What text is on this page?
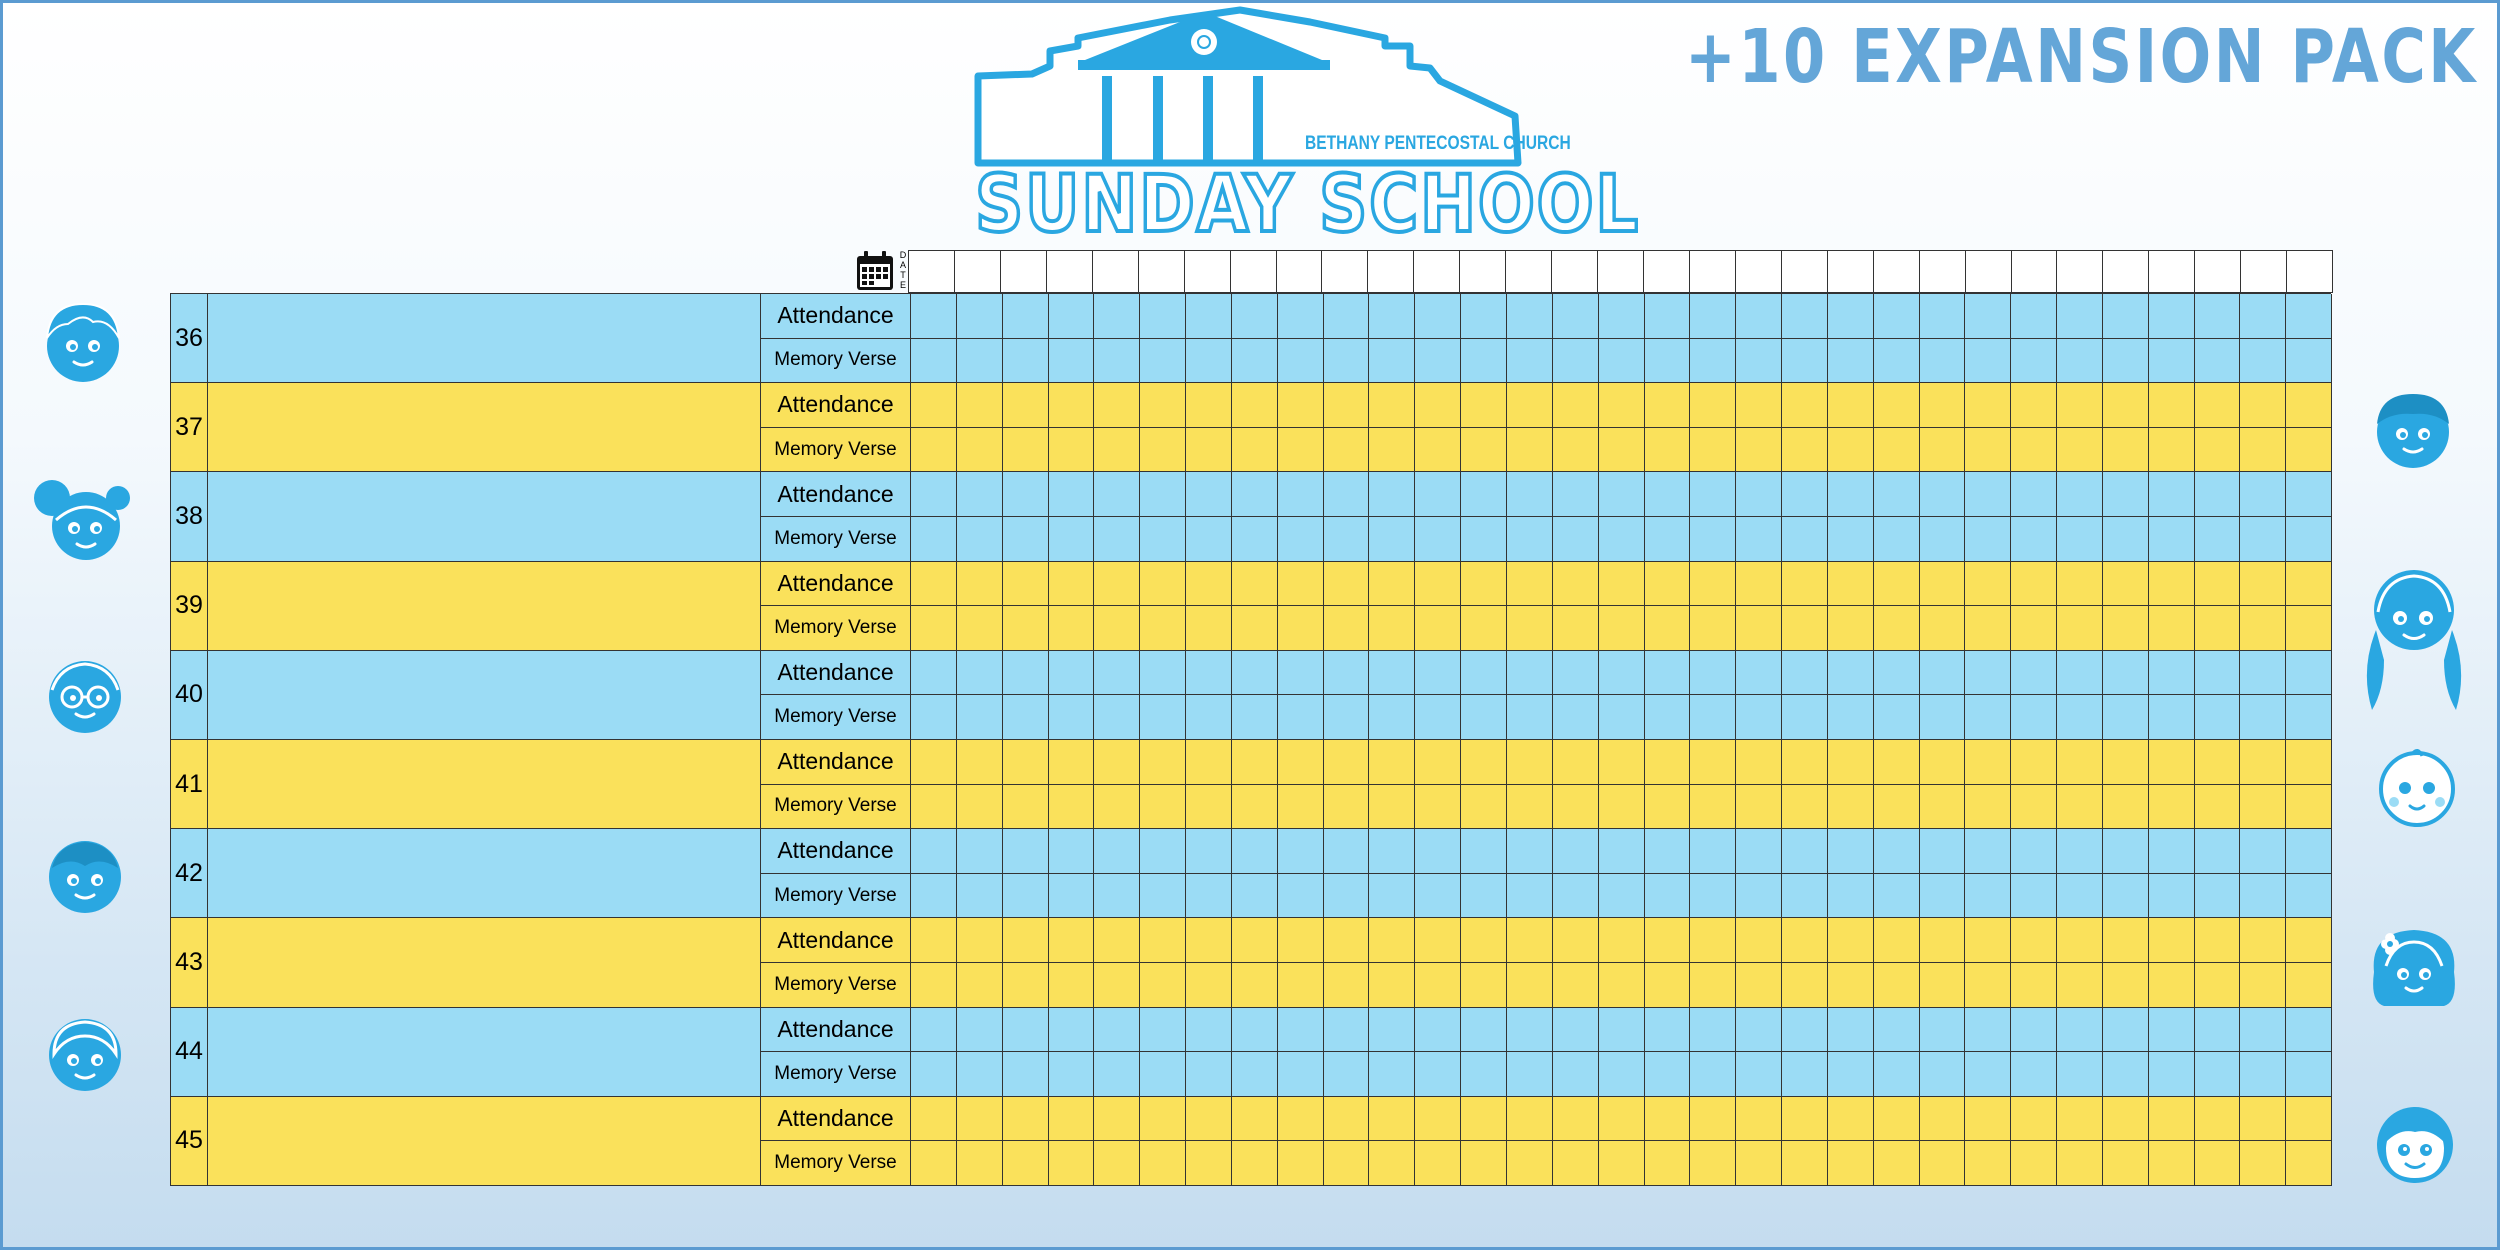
+10 EXPANSION PACK
BETHANY PENTECOSTAL CHURCH
SUNDAY SCHOOL
D
A
T
E
36
Attendance
Memory Verse
37
Attendance
Memory Verse
38
Attendance
Memory Verse
39
Attendance
Memory Verse
40
Attendance
Memory Verse
41
Attendance
Memory Verse
42
Attendance
Memory Verse
43
Attendance
Memory Verse
44
Attendance
Memory Verse
45
Attendance
Memory Verse
